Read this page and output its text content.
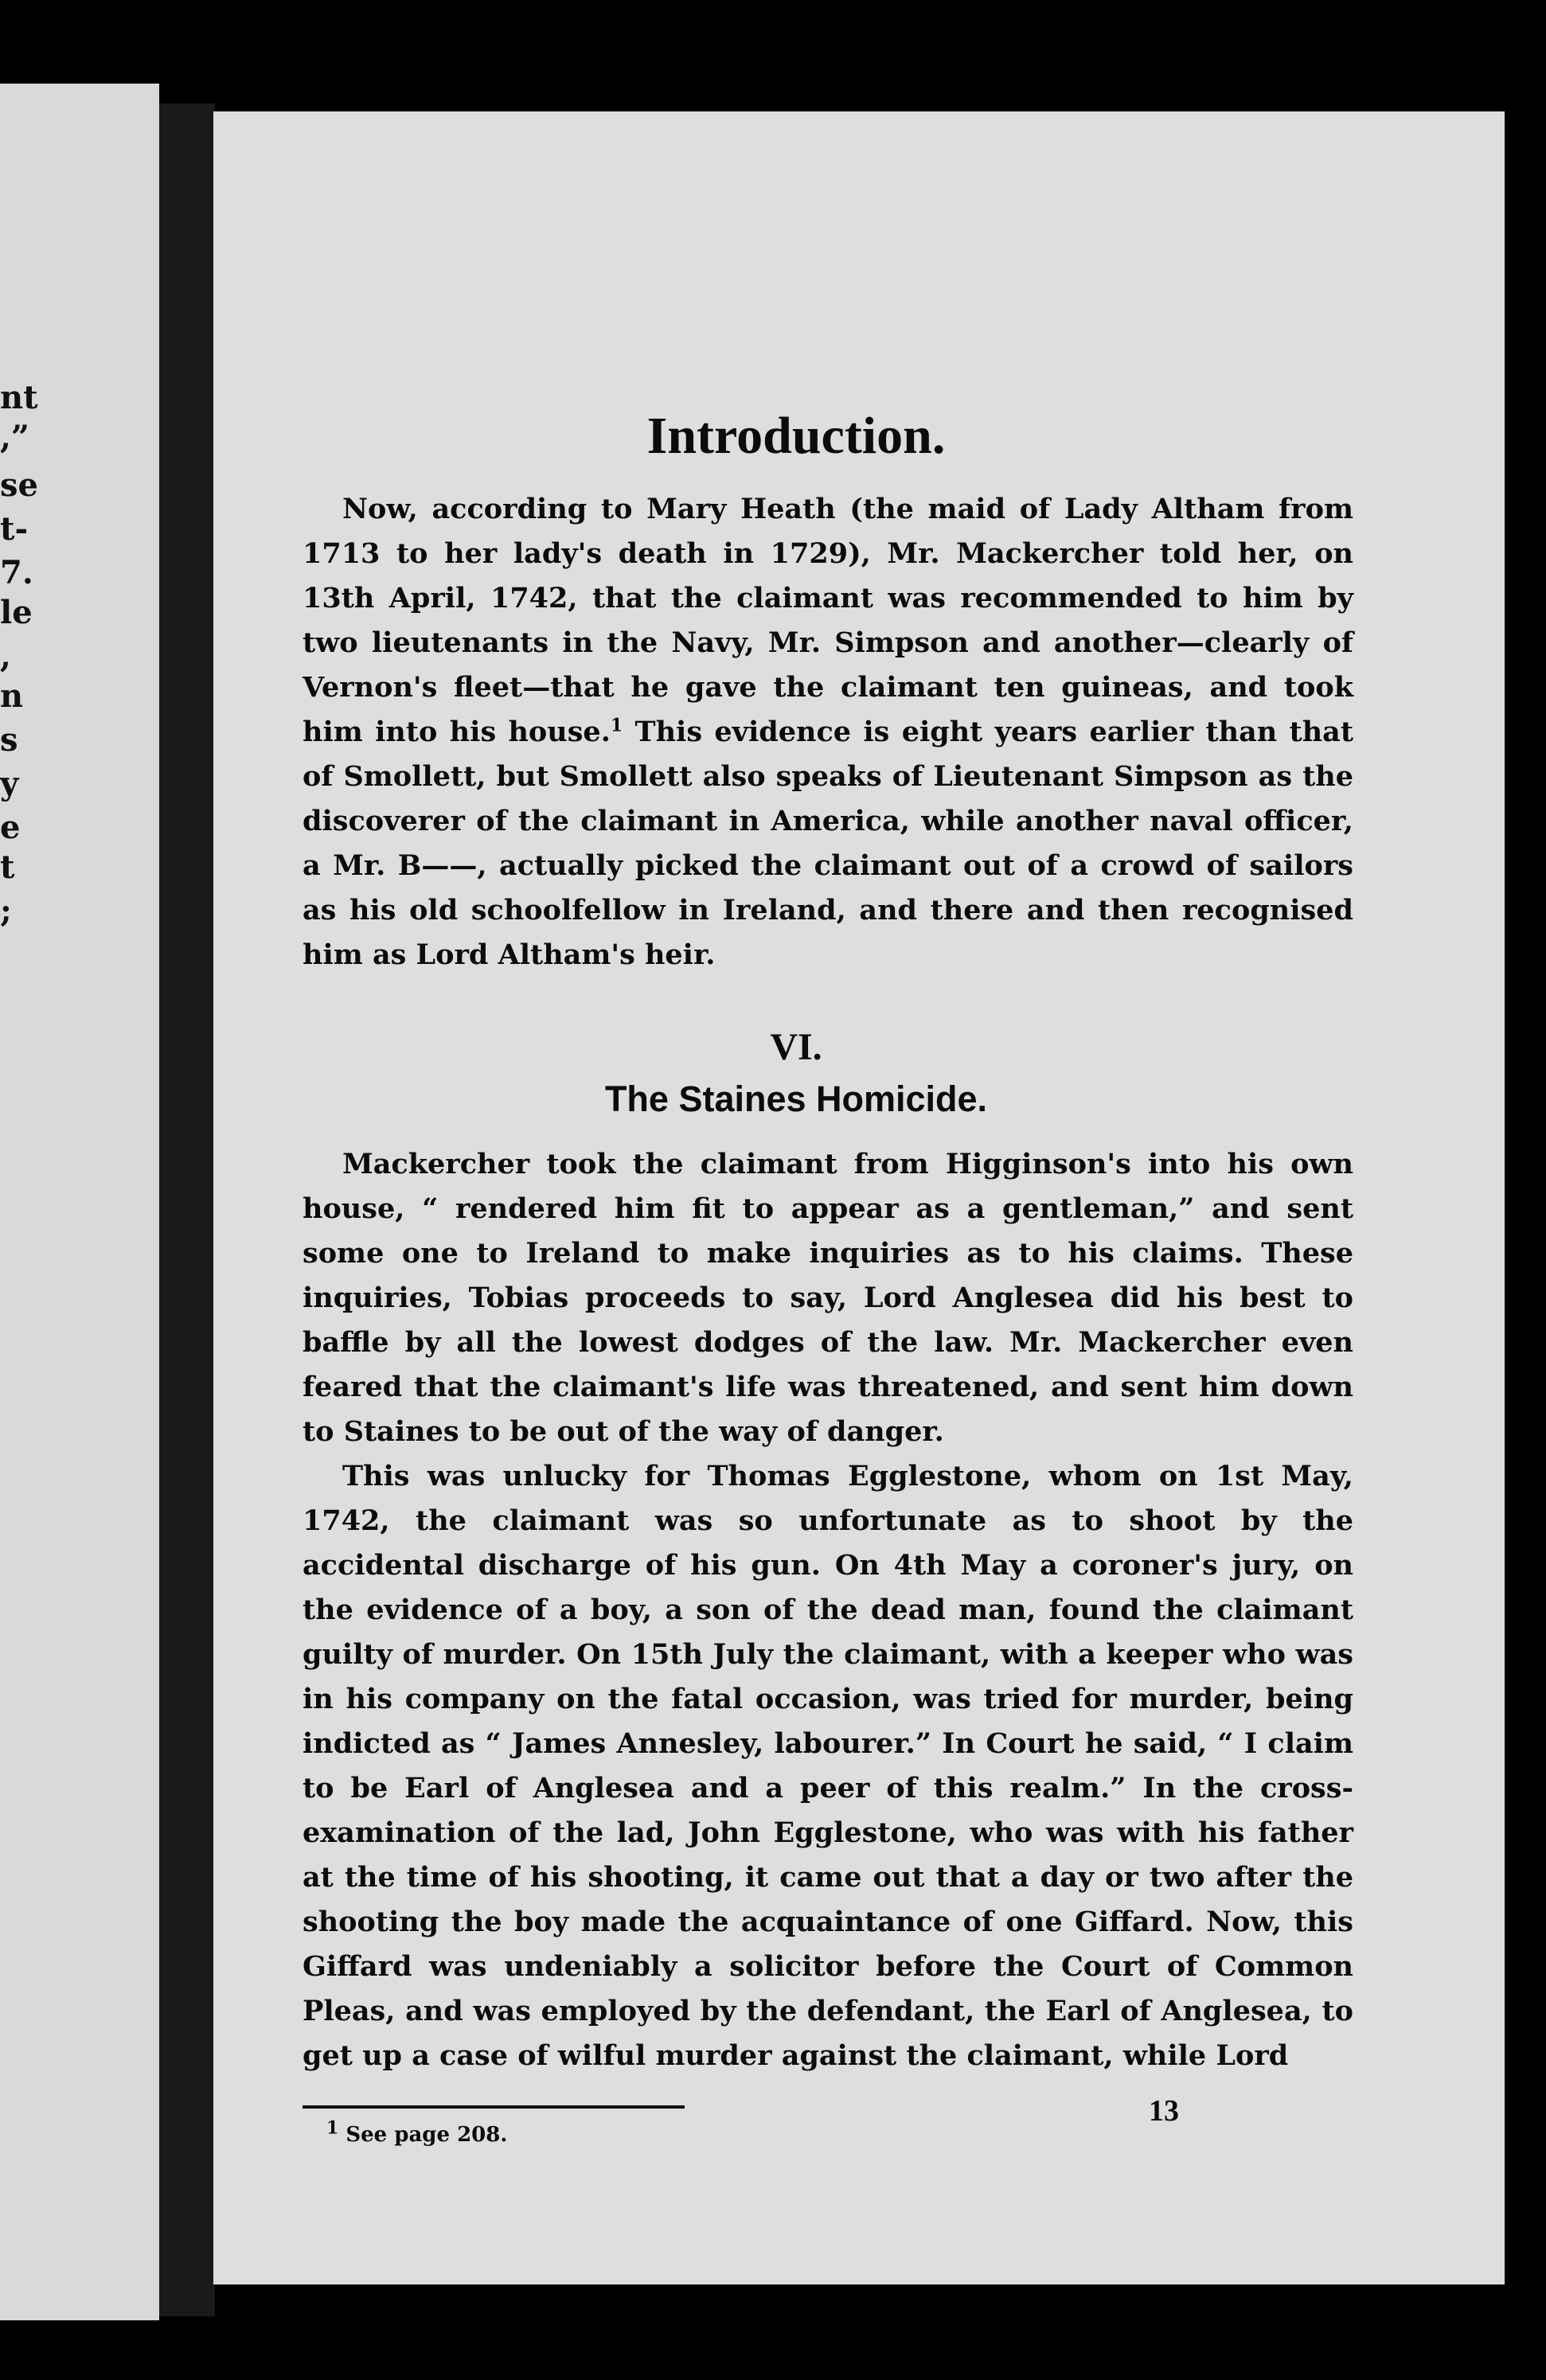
nt
,”
se
t-
7.
le
,
n
s
y
e
t
;
Introduction.

Now, according to Mary Heath (the maid of Lady Altham from 1713 to her lady's death in 1729), Mr. Mackercher told her, on 13th April, 1742, that the claimant was recommended to him by two lieutenants in the Navy, Mr. Simpson and another—clearly of Vernon's fleet—that he gave the claimant ten guineas, and took him into his house.$^1$ This evidence is eight years earlier than that of Smollett, but Smollett also speaks of Lieutenant Simpson as the discoverer of the claimant in America, while another naval officer, a Mr. B——, actually picked the claimant out of a crowd of sailors as his old schoolfellow in Ireland, and there and then recognised him as Lord Altham's heir.

VI.
The Staines Homicide.

Mackercher took the claimant from Higginson's into his own house, “ rendered him fit to appear as a gentleman,” and sent some one to Ireland to make inquiries as to his claims. These inquiries, Tobias proceeds to say, Lord Anglesea did his best to baffle by all the lowest dodges of the law. Mr. Mackercher even feared that the claimant's life was threatened, and sent him down to Staines to be out of the way of danger.

This was unlucky for Thomas Egglestone, whom on 1st May, 1742, the claimant was so unfortunate as to shoot by the accidental discharge of his gun. On 4th May a coroner's jury, on the evidence of a boy, a son of the dead man, found the claimant guilty of murder. On 15th July the claimant, with a keeper who was in his company on the fatal occasion, was tried for murder, being indicted as “ James Annesley, labourer.” In Court he said, “ I claim to be Earl of Anglesea and a peer of this realm.” In the cross-examination of the lad, John Egglestone, who was with his father at the time of his shooting, it came out that a day or two after the shooting the boy made the acquaintance of one Giffard. Now, this Giffard was undeniably a solicitor before the Court of Common Pleas, and was employed by the defendant, the Earl of Anglesea, to get up a case of wilful murder against the claimant, while Lord

$^1$ See page 208.

13
